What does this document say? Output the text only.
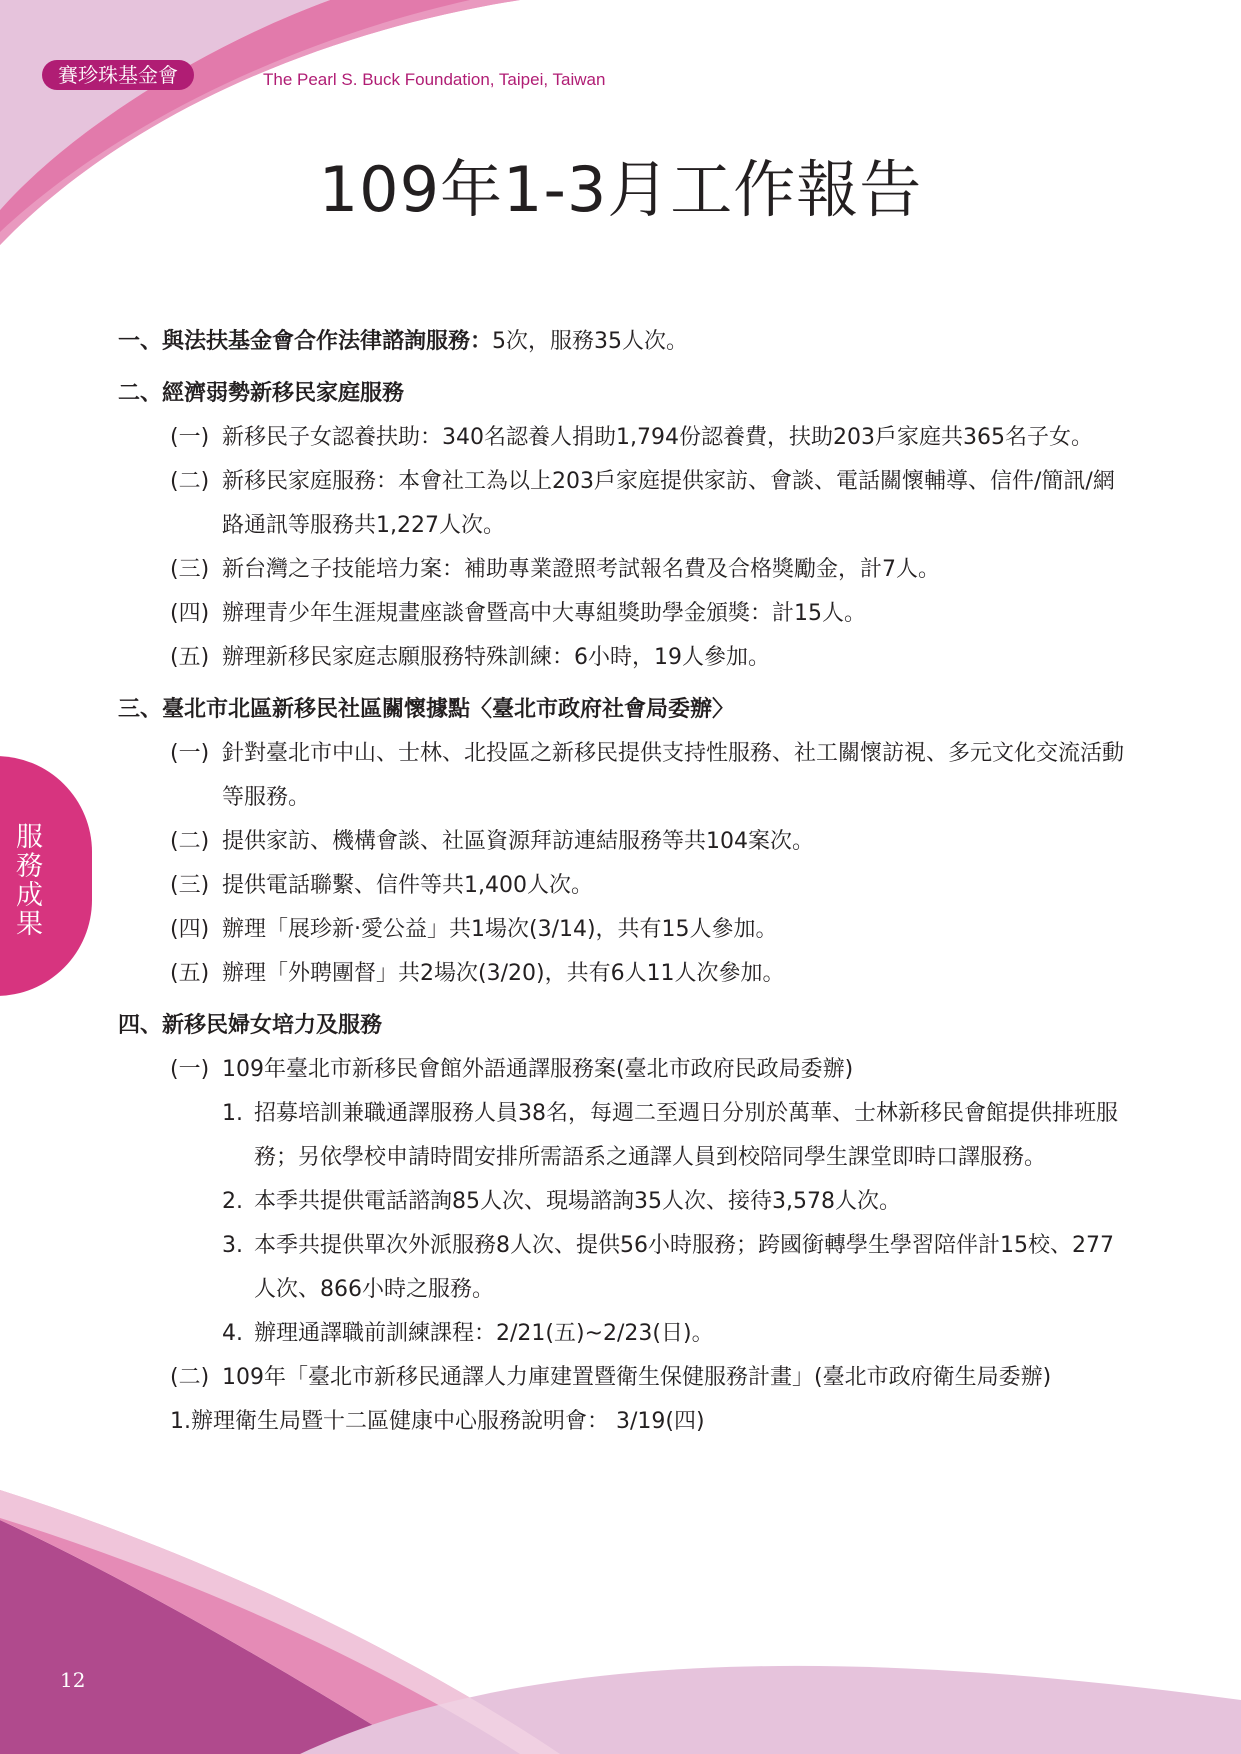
賽珍珠基金會	The Pearl S. Buck Foundation, Taipei, Taiwan
109年1-3月工作報告
服務成果
12
一、與法扶基金會合作法律諮詢服務：5次，服務35人次。
二、經濟弱勢新移民家庭服務
(一) 新移民子女認養扶助：340名認養人捐助1,794份認養費，扶助203戶家庭共365名子女。
(二) 新移民家庭服務：本會社工為以上203戶家庭提供家訪、會談、電話關懷輔導、信件/簡訊/網路通訊等服務共1,227人次。
(三) 新台灣之子技能培力案：補助專業證照考試報名費及合格獎勵金，計7人。
(四) 辦理青少年生涯規畫座談會暨高中大專組獎助學金頒獎：計15人。
(五) 辦理新移民家庭志願服務特殊訓練：6小時，19人參加。
三、臺北市北區新移民社區關懷據點〈臺北市政府社會局委辦〉
(一) 針對臺北市中山、士林、北投區之新移民提供支持性服務、社工關懷訪視、多元文化交流活動等服務。
(二) 提供家訪、機構會談、社區資源拜訪連結服務等共104案次。
(三) 提供電話聯繫、信件等共1,400人次。
(四) 辦理「展珍新‧愛公益」共1場次(3/14)，共有15人參加。
(五) 辦理「外聘團督」共2場次(3/20)，共有6人11人次參加。
四、新移民婦女培力及服務
(一) 109年臺北市新移民會館外語通譯服務案(臺北市政府民政局委辦)
1. 招募培訓兼職通譯服務人員38名，每週二至週日分別於萬華、士林新移民會館提供排班服務；另依學校申請時間安排所需語系之通譯人員到校陪同學生課堂即時口譯服務。
2. 本季共提供電話諮詢85人次、現場諮詢35人次、接待3,578人次。
3. 本季共提供單次外派服務8人次、提供56小時服務；跨國銜轉學生學習陪伴計15校、277人次、866小時之服務。
4. 辦理通譯職前訓練課程：2/21(五)~2/23(日)。
(二) 109年「臺北市新移民通譯人力庫建置暨衛生保健服務計畫」(臺北市政府衛生局委辦)
1.辦理衛生局暨十二區健康中心服務說明會： 3/19(四)
